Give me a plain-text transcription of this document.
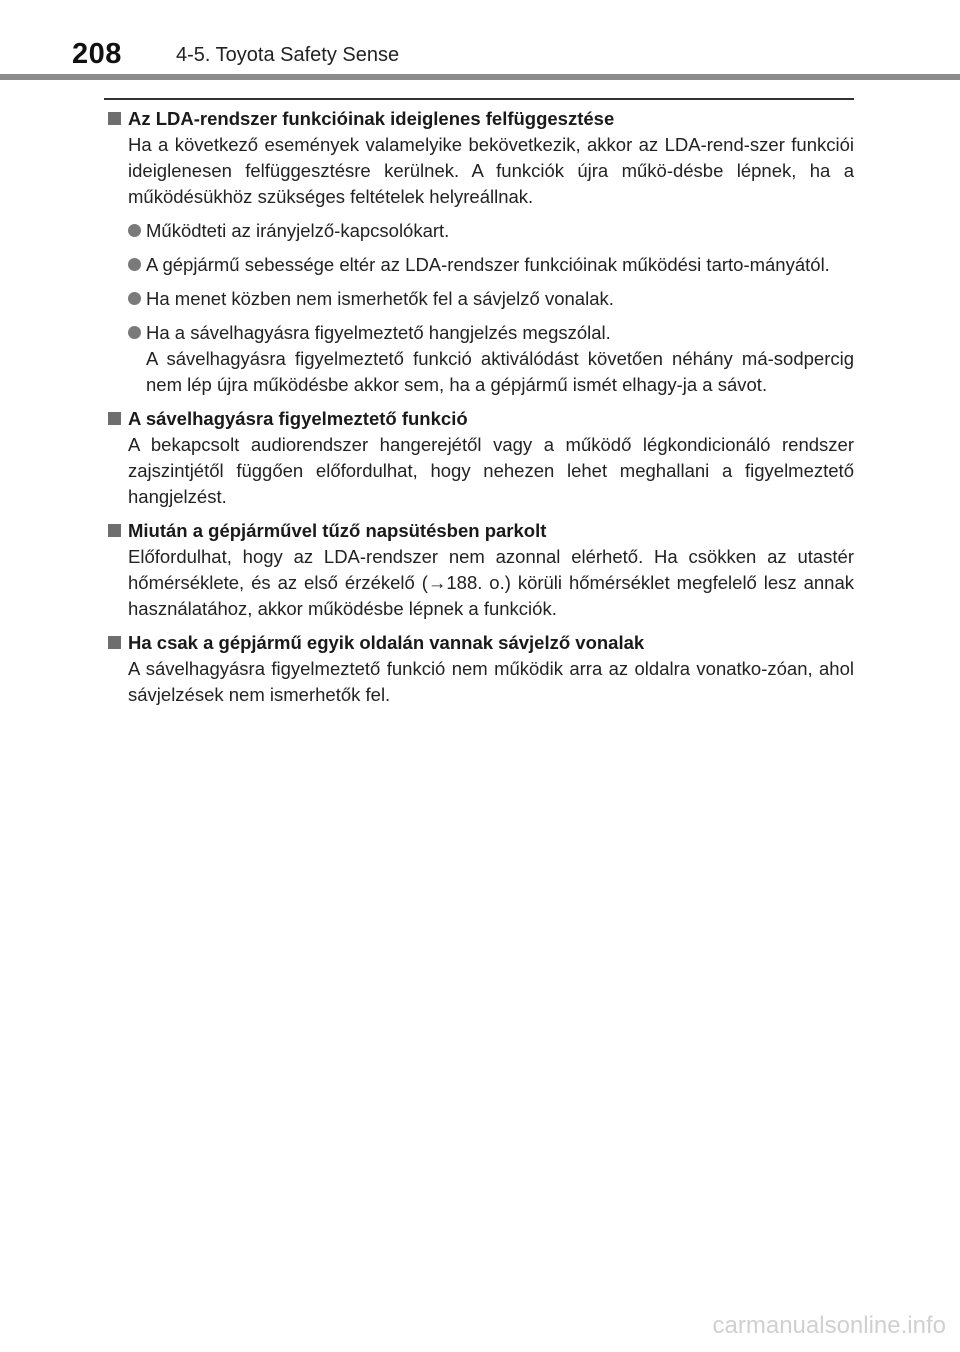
208	4-5. Toyota Safety Sense
Az LDA-rendszer funkcióinak ideiglenes felfüggesztése
Ha a következő események valamelyike bekövetkezik, akkor az LDA-rend-szer funkciói ideiglenesen felfüggesztésre kerülnek. A funkciók újra műkö-désbe lépnek, ha a működésükhöz szükséges feltételek helyreállnak.
Működteti az irányjelző-kapcsolókart.
A gépjármű sebessége eltér az LDA-rendszer funkcióinak működési tarto-mányától.
Ha menet közben nem ismerhetők fel a sávjelző vonalak.
Ha a sávelhagyásra figyelmeztető hangjelzés megszólal.
A sávelhagyásra figyelmeztető funkció aktiválódást követően néhány má-sodpercig nem lép újra működésbe akkor sem, ha a gépjármű ismét elhagy-ja a sávot.
A sávelhagyásra figyelmeztető funkció
A bekapcsolt audiorendszer hangerejétől vagy a működő légkondicionáló rendszer zajszintjétől függően előfordulhat, hogy nehezen lehet meghallani a figyelmeztető hangjelzést.
Miután a gépjárművel tűző napsütésben parkolt
Előfordulhat, hogy az LDA-rendszer nem azonnal elérhető. Ha csökken az utastér hőmérséklete, és az első érzékelő (→188. o.) körüli hőmérséklet megfelelő lesz annak használatához, akkor működésbe lépnek a funkciók.
Ha csak a gépjármű egyik oldalán vannak sávjelző vonalak
A sávelhagyásra figyelmeztető funkció nem működik arra az oldalra vonatko-zóan, ahol sávjelzések nem ismerhetők fel.
carmanualsonline.info
